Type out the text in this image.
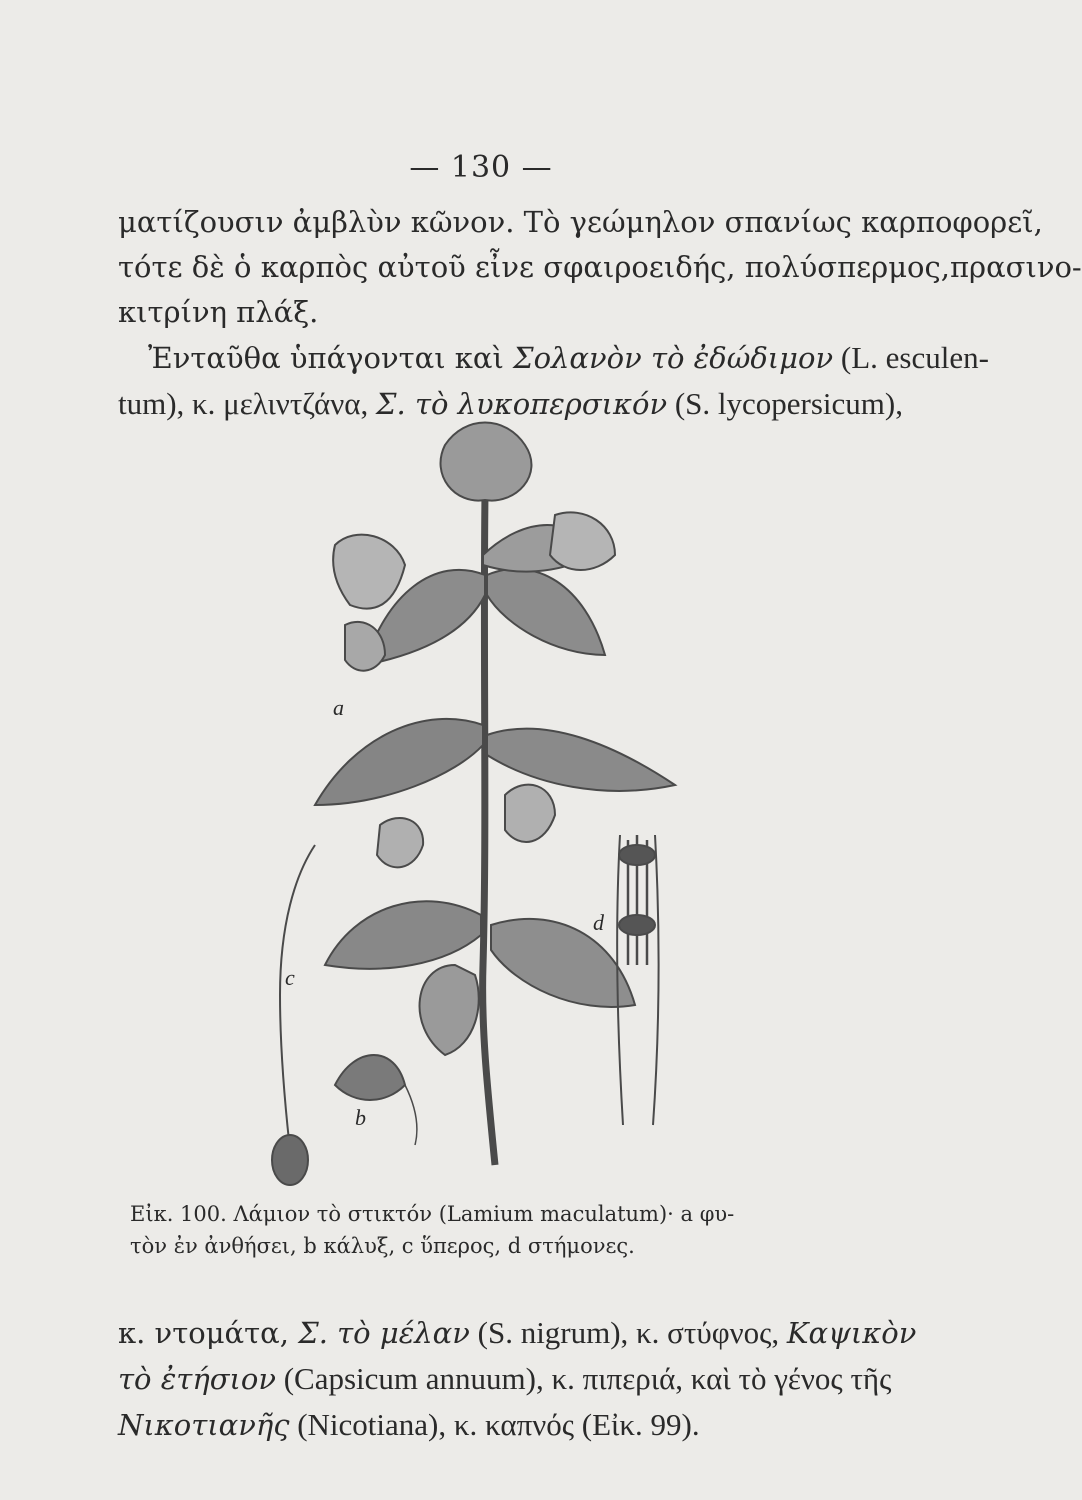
— 130 —
ματίζουσιν ἀμβλὺν κῶνον. Τὸ γεώμηλον σπανίως καρποφορεῖ,
τότε δὲ ὁ καρπὸς αὐτοῦ εἶνε σφαιροειδής, πολύσπερμος,πρασινο-
κιτρίνη πλάξ.
Ἐνταῦθα ὑπάγονται καὶ Σολανὸν τὸ ἐδώδιμον (L. esculen-
tum), κ. μελιντζάνα, Σ. τὸ λυκοπερσικόν (S. lycopersicum),
a
b
c
d
Εἰκ. 100. Λάμιον τὸ στικτόν (Lamium maculatum)· a φυ-
τὸν ἐν ἀνθήσει, b κάλυξ, c ὕπερος, d στήμονες.
κ. ντομάτα, Σ. τὸ μέλαν (S. nigrum), κ. στύφνος, Καψικὸν
τὸ ἐτήσιον (Capsicum annuum), κ. πιπεριά, καὶ τὸ γένος τῆς
Νικοτιανῆς (Nicotiana), κ. καπνός (Εἰκ. 99).
